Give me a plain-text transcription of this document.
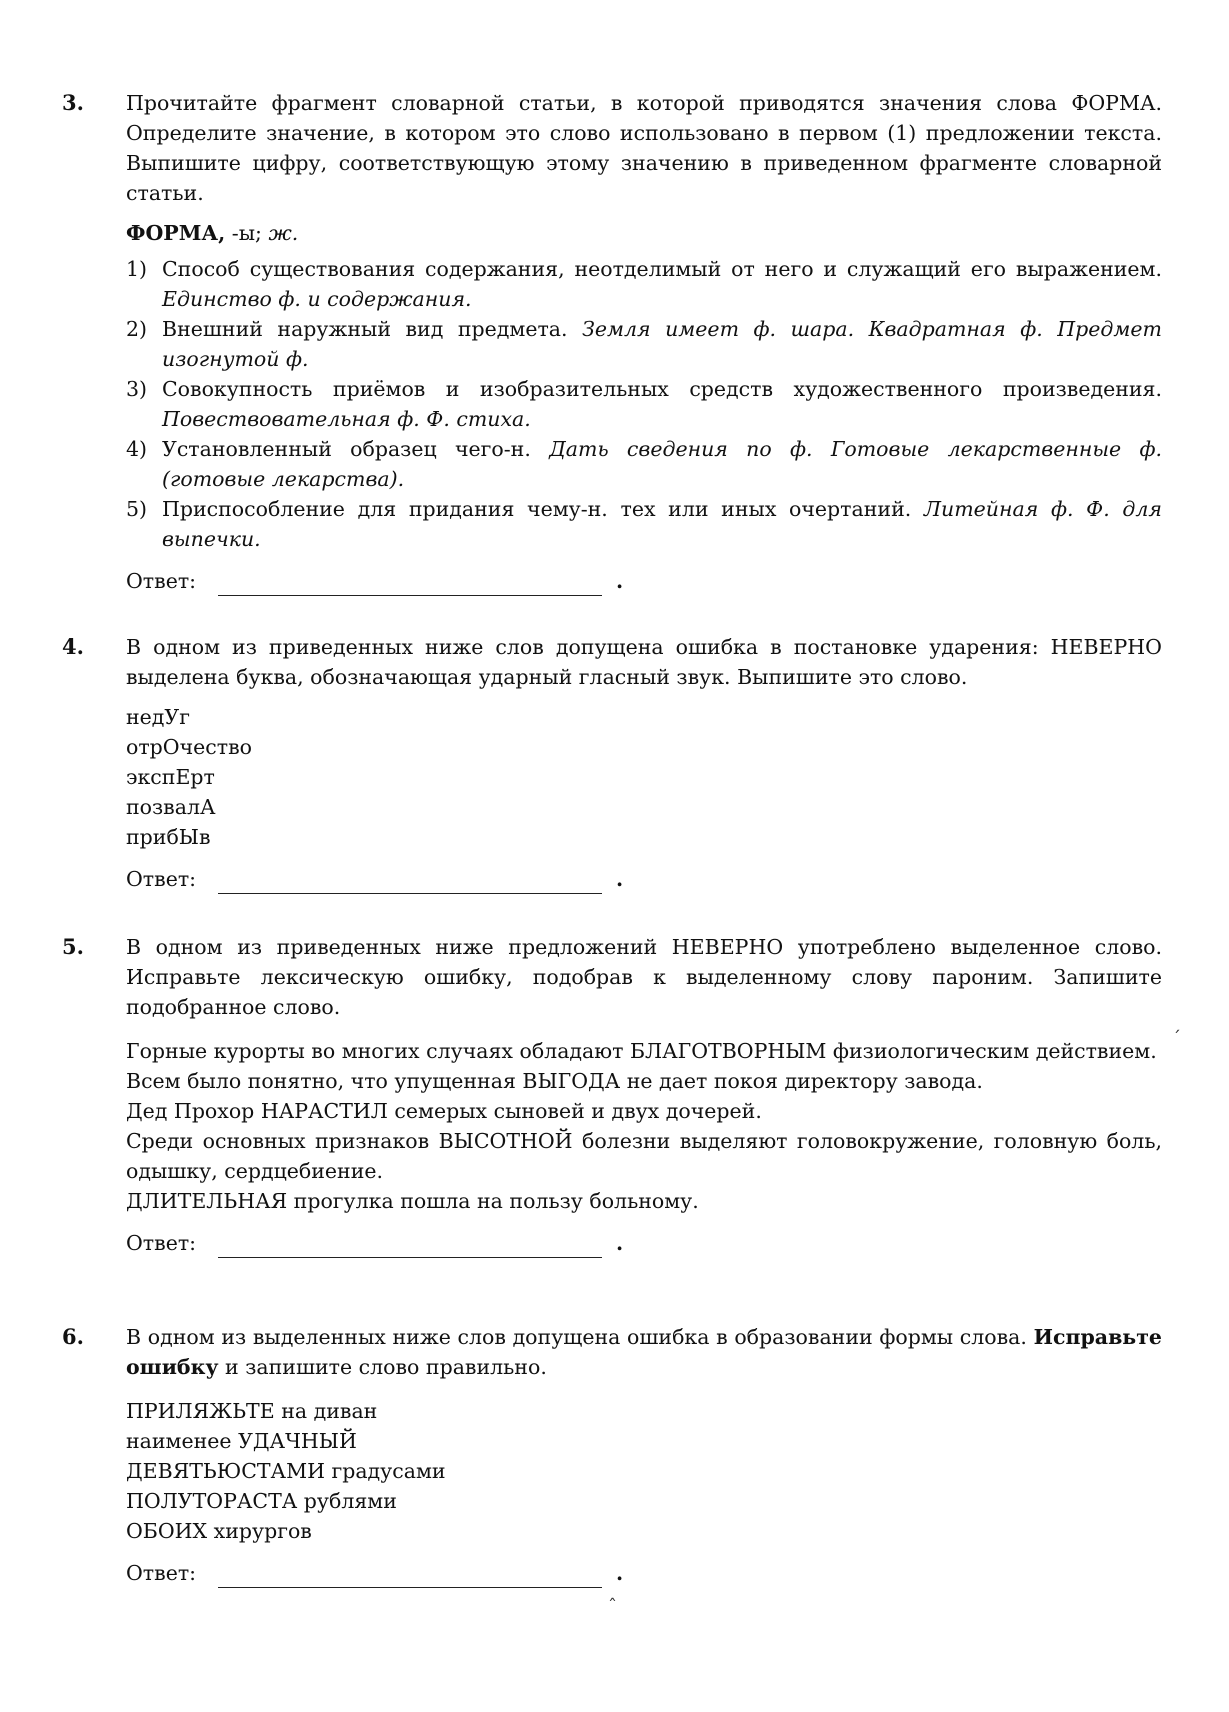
3. Прочитайте фрагмент словарной статьи, в которой приводятся значения слова ФОРМА. Определите значение, в котором это слово использовано в первом (1) предложении текста. Выпишите цифру, соответствующую этому значению в приведенном фрагменте словарной статьи.

ФОРМА, -ы; ж.

1) Способ существования содержания, неотделимый от него и служащий его выражением. Единство ф. и содержания.
2) Внешний наружный вид предмета. Земля имеет ф. шара. Квадратная ф. Предмет изогнутой ф.
3) Совокупность приёмов и изобразительных средств художественного произведения. Повествовательная ф. Ф. стиха.
4) Установленный образец чего-н. Дать сведения по ф. Готовые лекарственные ф. (готовые лекарства).
5) Приспособление для придания чему-н. тех или иных очертаний. Литейная ф. Ф. для выпечки.
Ответ:	.
4. В одном из приведенных ниже слов допущена ошибка в постановке ударения: НЕВЕРНО выделена буква, обозначающая ударный гласный звук. Выпишите это слово.

недУг
отрОчество
экспЕрт
позвалА
прибЫв
Ответ:	.
5. В одном из приведенных ниже предложений НЕВЕРНО употреблено выделенное слово. Исправьте лексическую ошибку, подобрав к выделенному слову пароним. Запишите подобранное слово.

Горные курорты во многих случаях обладают БЛАГОТВОРНЫМ физиологическим действием.
Всем было понятно, что упущенная ВЫГОДА не дает покоя директору завода.
Дед Прохор НАРАСТИЛ семерых сыновей и двух дочерей.
Среди основных признаков ВЫСОТНОЙ болезни выделяют головокружение, головную боль, одышку, сердцебиение.
ДЛИТЕЛЬНАЯ прогулка пошла на пользу больному.
Ответ:	.
6. В одном из выделенных ниже слов допущена ошибка в образовании формы слова. Исправьте ошибку и запишите слово правильно.

ПРИЛЯЖЬТЕ на диван
наименее УДАЧНЫЙ
ДЕВЯТЬЮСТАМИ градусами
ПОЛУТОРАСТА рублями
ОБОИХ хирургов
Ответ:	.
ˊ
ˆ
